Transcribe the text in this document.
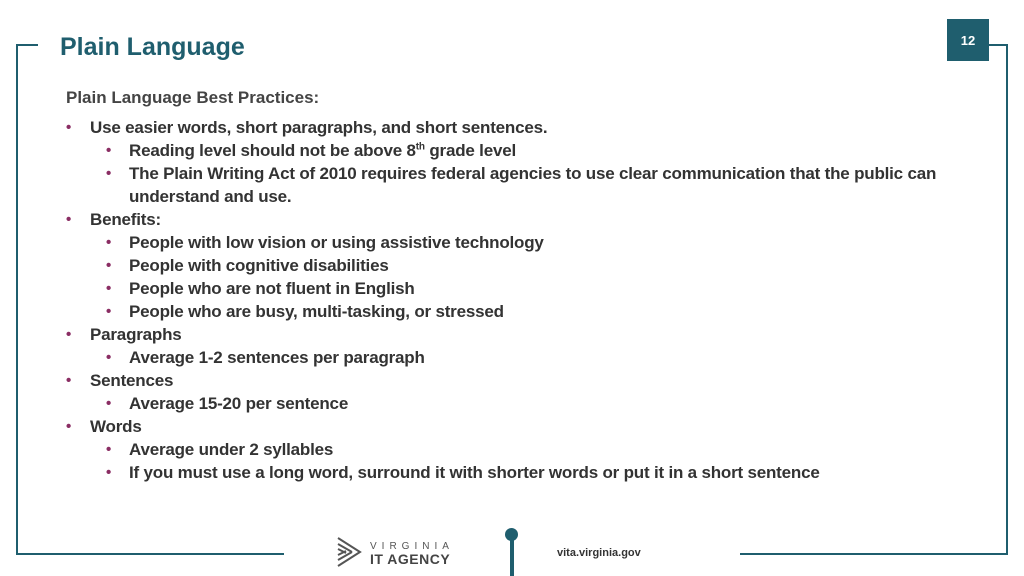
12
Plain Language
Plain Language Best Practices:
• Use easier words, short paragraphs, and short sentences.
• Reading level should not be above 8th grade level
• The Plain Writing Act of 2010 requires federal agencies to use clear communication that the public can understand and use.
• Benefits:
• People with low vision or using assistive technology
• People with cognitive disabilities
• People who are not fluent in English
• People who are busy, multi-tasking, or stressed
• Paragraphs
• Average 1-2 sentences per paragraph
• Sentences
• Average 15-20 per sentence
• Words
• Average under 2 syllables
• If you must use a long word, surround it with shorter words or put it in a short sentence
VIRGINIA
IT AGENCY	vita.virginia.gov
